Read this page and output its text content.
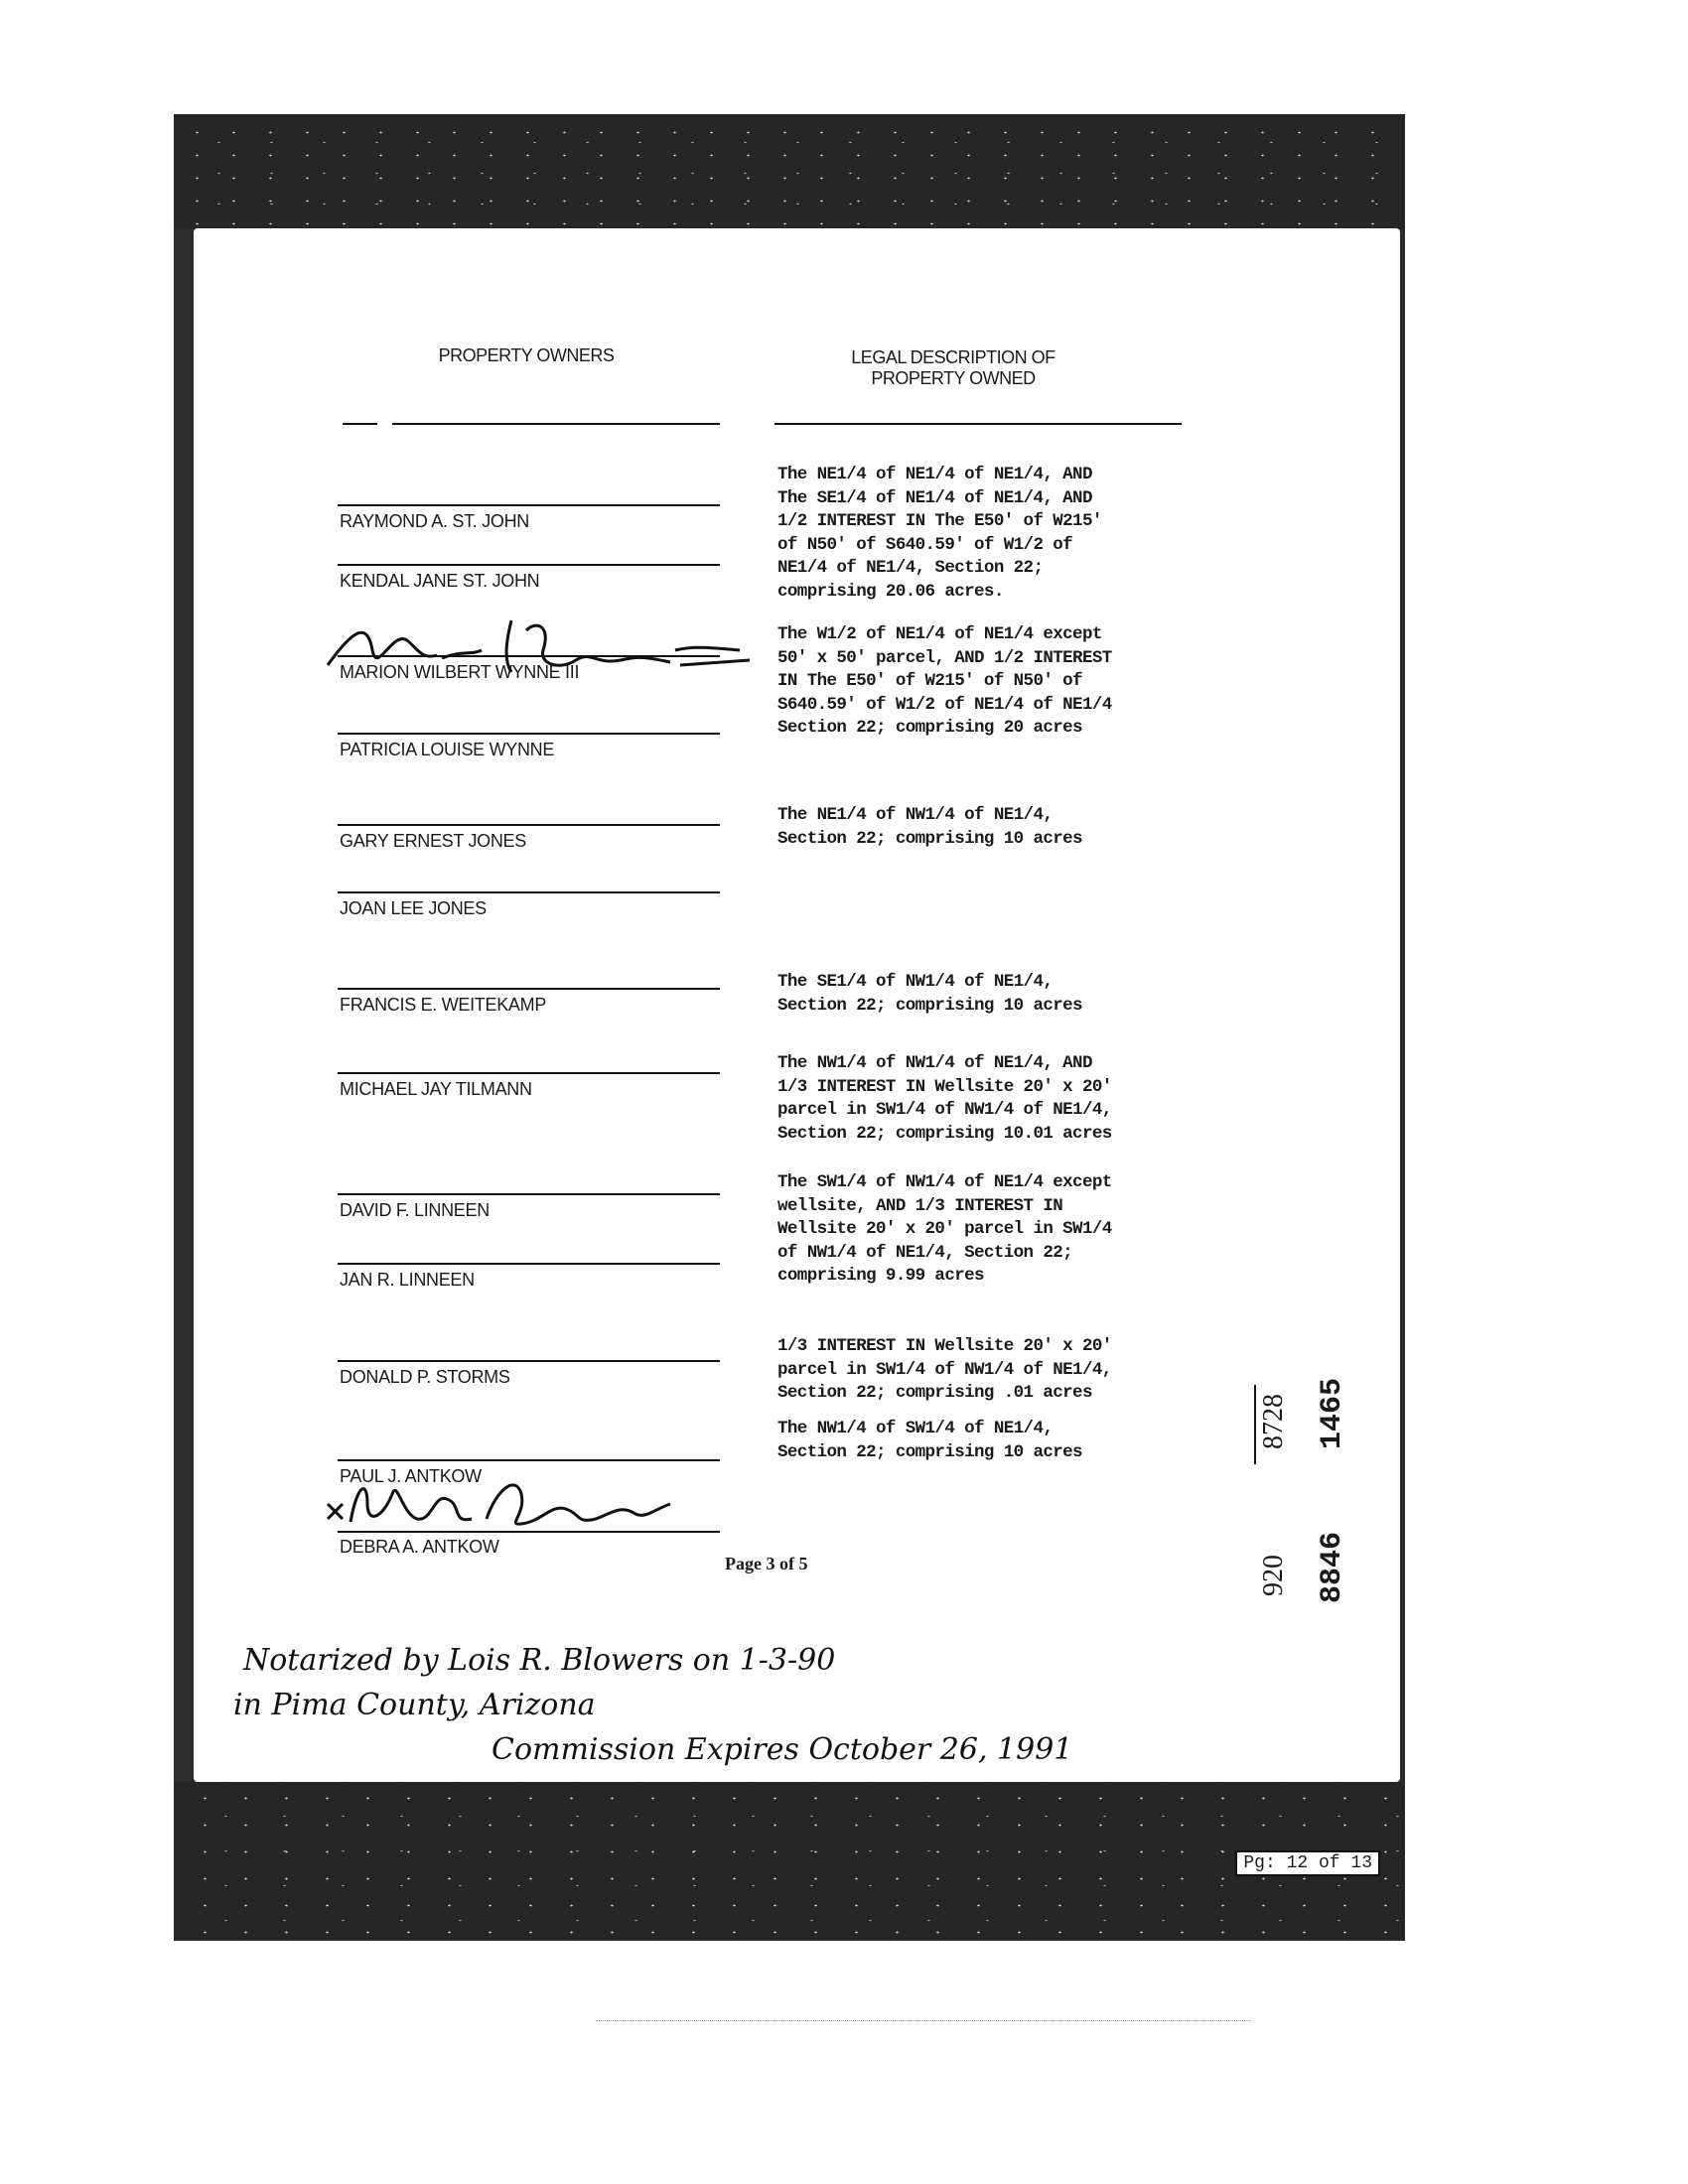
PROPERTY OWNERS	LEGAL DESCRIPTION OF
PROPERTY OWNED
RAYMOND A. ST. JOHN
KENDAL JANE ST. JOHN
MARION WILBERT WYNNE III
PATRICIA LOUISE WYNNE
GARY ERNEST JONES
JOAN LEE JONES
FRANCIS E. WEITEKAMP
MICHAEL JAY TILMANN
DAVID F. LINNEEN
JAN R. LINNEEN
DONALD P. STORMS
PAUL J. ANTKOW
DEBRA A. ANTKOW
The NE1/4 of NE1/4 of NE1/4, AND
The SE1/4 of NE1/4 of NE1/4, AND
1/2 INTEREST IN The E50' of W215'
of N50' of S640.59' of W1/2 of
NE1/4 of NE1/4, Section 22;
comprising 20.06 acres.
The W1/2 of NE1/4 of NE1/4 except
50' x 50' parcel, AND 1/2 INTEREST
IN The E50' of W215' of N50' of
S640.59' of W1/2 of NE1/4 of NE1/4
Section 22; comprising 20 acres
The NE1/4 of NW1/4 of NE1/4,
Section 22; comprising 10 acres
The SE1/4 of NW1/4 of NE1/4,
Section 22; comprising 10 acres
The NW1/4 of NW1/4 of NE1/4, AND
1/3 INTEREST IN Wellsite 20' x 20'
parcel in SW1/4 of NW1/4 of NE1/4,
Section 22; comprising 10.01 acres
The SW1/4 of NW1/4 of NE1/4 except
wellsite, AND 1/3 INTEREST IN
Wellsite 20' x 20' parcel in SW1/4
of NW1/4 of NE1/4, Section 22;
comprising 9.99 acres
1/3 INTEREST IN Wellsite 20' x 20'
parcel in SW1/4 of NW1/4 of NE1/4,
Section 22; comprising .01 acres
The NW1/4 of SW1/4 of NE1/4,
Section 22; comprising 10 acres
Page 3 of 5
1465
8846
8728
920
Notarized by Lois R. Blowers on 1-3-90
in Pima County, Arizona
Commission Expires October 26, 1991
Pg: 12 of 13
